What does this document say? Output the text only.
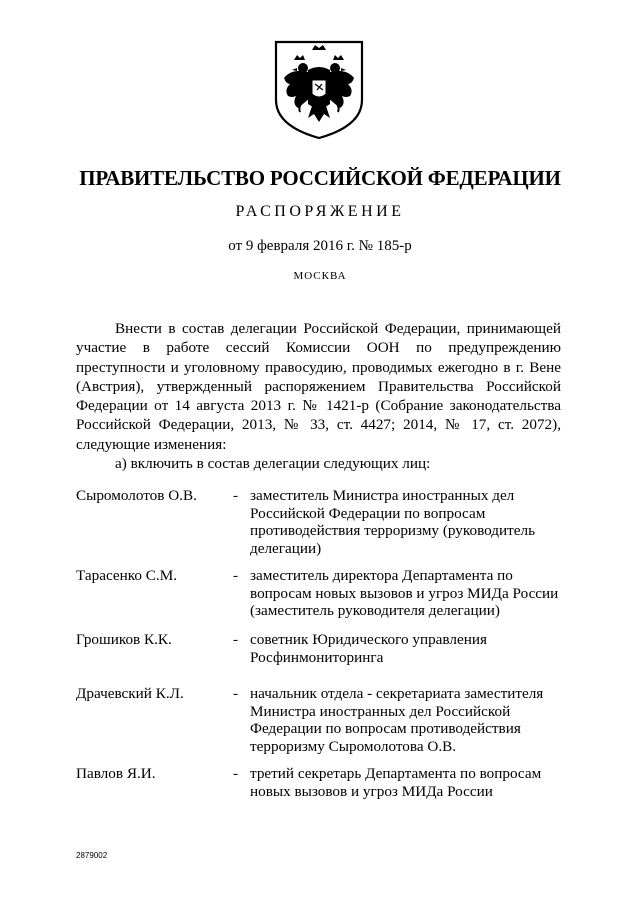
ПРАВИТЕЛЬСТВО РОССИЙСКОЙ ФЕДЕРАЦИИ
РАСПОРЯЖЕНИЕ
от 9 февраля 2016 г. № 185-р
МОСКВА

Внести в состав делегации Российской Федерации, принимающей участие в работе сессий Комиссии ООН по предупреждению преступности и уголовному правосудию, проводимых ежегодно в г. Вене (Австрия), утвержденный распоряжением Правительства Российской Федерации от 14 августа 2013 г. № 1421-р (Собрание законодательства Российской Федерации, 2013, № 33, ст. 4427; 2014, № 17, ст. 2072), следующие изменения:

а) включить в состав делегации следующих лиц:

Сыромолотов О.В. - заместитель Министра иностранных дел Российской Федерации по вопросам противодействия терроризму (руководитель делегации)
Тарасенко С.М.	- заместитель директора Департамента по вопросам новых вызовов и угроз МИДа России (заместитель руководителя делегации)
Грошиков К.К.	- советник Юридического управления Росфинмониторинга
Драчевский К.Л.	- начальник отдела - секретариата заместителя Министра иностранных дел Российской Федерации по вопросам противодействия терроризму Сыромолотова О.В.
Павлов Я.И.	- третий секретарь Департамента по вопросам новых вызовов и угроз МИДа России
2879002
